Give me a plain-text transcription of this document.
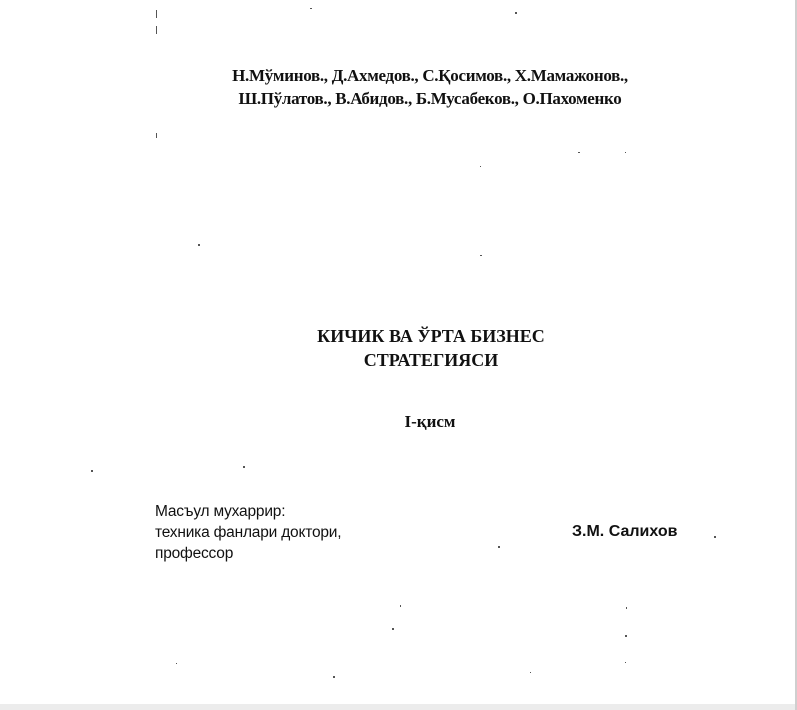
Н.Мўминов., Д.Ахмедов., С.Қосимов., Х.Мамажонов.,
Ш.Пўлатов., В.Абидов., Б.Мусабеков., О.Пахоменко
КИЧИК ВА ЎРТА БИЗНЕС
СТРАТЕГИЯСИ
I-қисм
Масъул мухаррир:
техника фанлари доктори,
профессор
З.М. Салихов
